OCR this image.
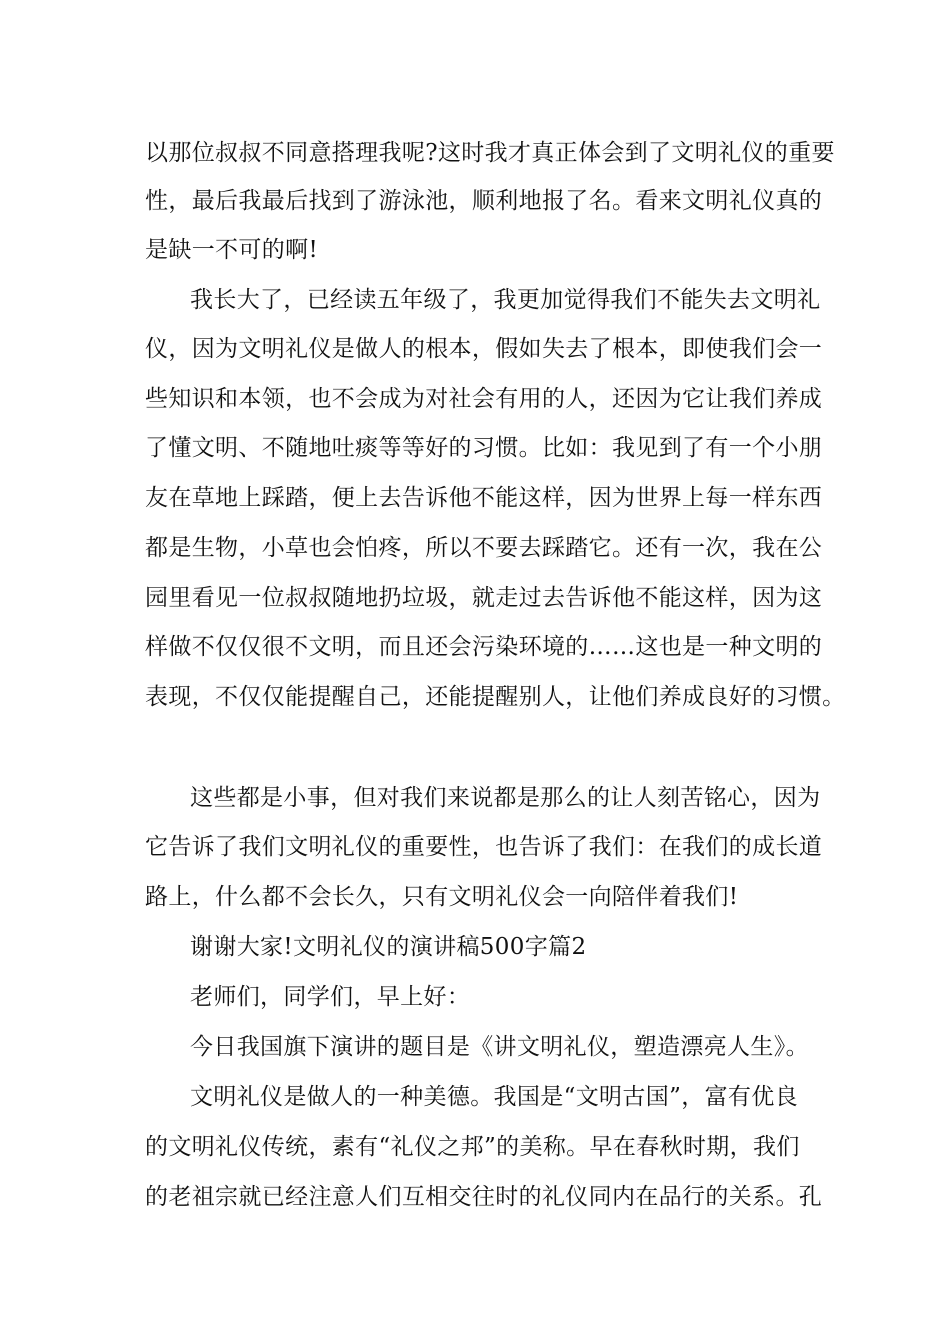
以那位叔叔不同意搭理我呢?这时我才真正体会到了文明礼仪的重要
性，最后我最后找到了游泳池，顺利地报了名。看来文明礼仪真的
是缺一不可的啊!
我长大了，已经读五年级了，我更加觉得我们不能失去文明礼
仪，因为文明礼仪是做人的根本，假如失去了根本，即使我们会一
些知识和本领，也不会成为对社会有用的人，还因为它让我们养成
了懂文明、不随地吐痰等等好的习惯。比如：我见到了有一个小朋
友在草地上踩踏，便上去告诉他不能这样，因为世界上每一样东西
都是生物，小草也会怕疼，所以不要去踩踏它。还有一次，我在公
园里看见一位叔叔随地扔垃圾，就走过去告诉他不能这样，因为这
样做不仅仅很不文明，而且还会污染环境的……这也是一种文明的
表现，不仅仅能提醒自己，还能提醒别人，让他们养成良好的习惯。
这些都是小事，但对我们来说都是那么的让人刻苦铭心，因为
它告诉了我们文明礼仪的重要性，也告诉了我们：在我们的成长道
路上，什么都不会长久，只有文明礼仪会一向陪伴着我们!
谢谢大家!文明礼仪的演讲稿500字篇2
老师们，同学们，早上好：
今日我国旗下演讲的题目是《讲文明礼仪，塑造漂亮人生》。
文明礼仪是做人的一种美德。我国是“文明古国”，富有优良
的文明礼仪传统，素有“礼仪之邦”的美称。早在春秋时期，我们
的老祖宗就已经注意人们互相交往时的礼仪同内在品行的关系。孔
